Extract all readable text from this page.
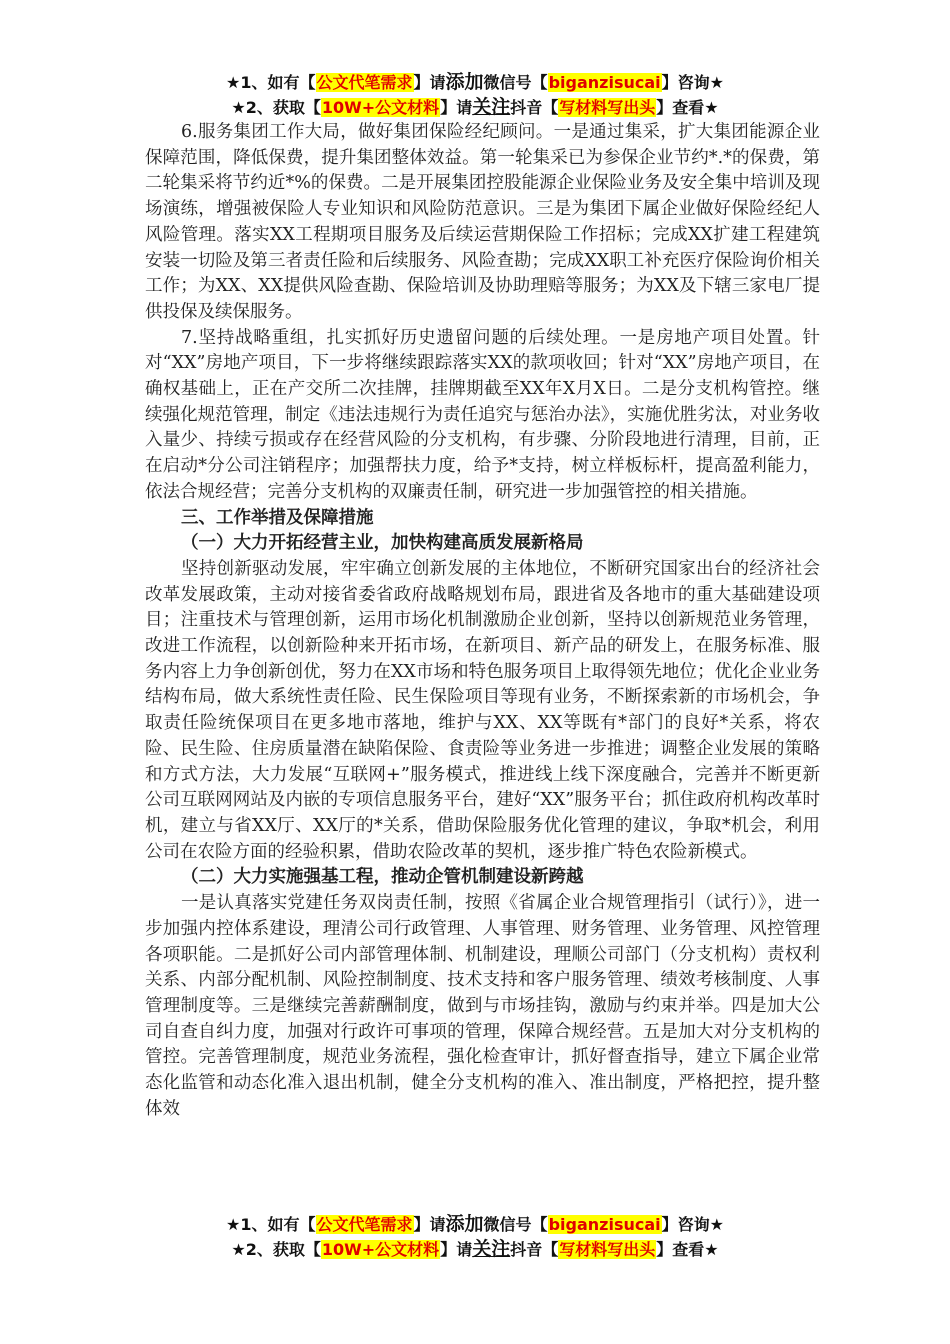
★1、如有【公文代笔需求】请添加微信号【biganzisucai】咨询★
★2、获取【10W+公文材料】请关注抖音【写材料写出头】查看★

6.服务集团工作大局，做好集团保险经纪顾问。一是通过集采，扩大集团能源企业保障范围，降低保费，提升集团整体效益。第一轮集采已为参保企业节约*.*的保费，第二轮集采将节约近*%的保费。二是开展集团控股能源企业保险业务及安全集中培训及现场演练，增强被保险人专业知识和风险防范意识。三是为集团下属企业做好保险经纪人风险管理。落实XX工程期项目服务及后续运营期保险工作招标；完成XX扩建工程建筑安装一切险及第三者责任险和后续服务、风险查勘；完成XX职工补充医疗保险询价相关工作；为XX、XX提供风险查勘、保险培训及协助理赔等服务；为XX及下辖三家电厂提供投保及续保服务。

7.坚持战略重组，扎实抓好历史遗留问题的后续处理。一是房地产项目处置。针对“XX”房地产项目，下一步将继续跟踪落实XX的款项收回；针对“XX”房地产项目，在确权基础上，正在产交所二次挂牌，挂牌期截至XX年X月X日。二是分支机构管控。继续强化规范管理，制定《违法违规行为责任追究与惩治办法》，实施优胜劣汰，对业务收入量少、持续亏损或存在经营风险的分支机构，有步骤、分阶段地进行清理，目前，正在启动*分公司注销程序；加强帮扶力度，给予*支持，树立样板标杆，提高盈利能力，依法合规经营；完善分支机构的双廉责任制，研究进一步加强管控的相关措施。

三、工作举措及保障措施
（一）大力开拓经营主业，加快构建高质发展新格局

坚持创新驱动发展，牢牢确立创新发展的主体地位，不断研究国家出台的经济社会改革发展政策，主动对接省委省政府战略规划布局，跟进省及各地市的重大基础建设项目；注重技术与管理创新，运用市场化机制激励企业创新，坚持以创新规范业务管理，改进工作流程，以创新险种来开拓市场，在新项目、新产品的研发上，在服务标准、服务内容上力争创新创优，努力在XX市场和特色服务项目上取得领先地位；优化企业业务结构布局，做大系统性责任险、民生保险项目等现有业务，不断探索新的市场机会，争取责任险统保项目在更多地市落地，维护与XX、XX等既有*部门的良好*关系，将农险、民生险、住房质量潜在缺陷保险、食责险等业务进一步推进；调整企业发展的策略和方式方法，大力发展“互联网+”服务模式，推进线上线下深度融合，完善并不断更新公司互联网网站及内嵌的专项信息服务平台，建好“XX”服务平台；抓住政府机构改革时机，建立与省XX厅、XX厅的*关系，借助保险服务优化管理的建议，争取*机会，利用公司在农险方面的经验积累，借助农险改革的契机，逐步推广特色农险新模式。

（二）大力实施强基工程，推动企管机制建设新跨越

一是认真落实党建任务双岗责任制，按照《省属企业合规管理指引（试行）》，进一步加强内控体系建设，理清公司行政管理、人事管理、财务管理、业务管理、风控管理各项职能。二是抓好公司内部管理体制、机制建设，理顺公司部门（分支机构）责权利关系、内部分配机制、风险控制制度、技术支持和客户服务管理、绩效考核制度、人事管理制度等。三是继续完善薪酬制度，做到与市场挂钩，激励与约束并举。四是加大公司自查自纠力度，加强对行政许可事项的管理，保障合规经营。五是加大对分支机构的管控。完善管理制度，规范业务流程，强化检查审计，抓好督查指导，建立下属企业常态化监管和动态化准入退出机制，健全分支机构的准入、准出制度，严格把控，提升整体效

★1、如有【公文代笔需求】请添加微信号【biganzisucai】咨询★
★2、获取【10W+公文材料】请关注抖音【写材料写出头】查看★
